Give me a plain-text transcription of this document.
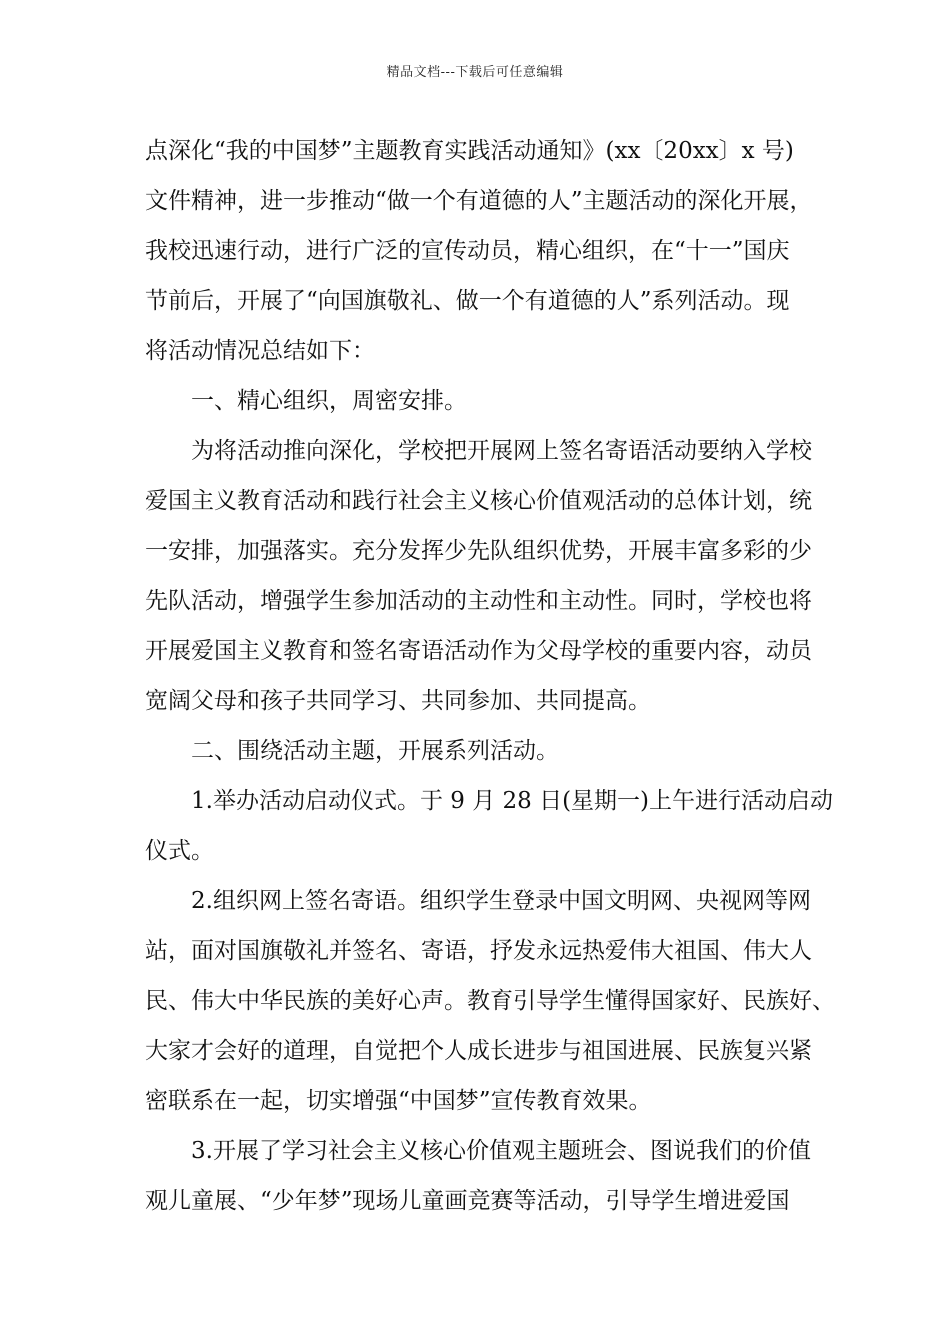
精品文档---下载后可任意编辑
点深化“我的中国梦”主题教育实践活动通知》(xx〔20xx〕x 号)
文件精神，进一步推动“做一个有道德的人”主题活动的深化开展，
我校迅速行动，进行广泛的宣传动员，精心组织，在“十一”国庆
节前后，开展了“向国旗敬礼、做一个有道德的人”系列活动。现
将活动情况总结如下：
一、精心组织，周密安排。
为将活动推向深化，学校把开展网上签名寄语活动要纳入学校
爱国主义教育活动和践行社会主义核心价值观活动的总体计划，统
一安排，加强落实。充分发挥少先队组织优势，开展丰富多彩的少
先队活动，增强学生参加活动的主动性和主动性。同时，学校也将
开展爱国主义教育和签名寄语活动作为父母学校的重要内容，动员
宽阔父母和孩子共同学习、共同参加、共同提高。
二、围绕活动主题，开展系列活动。
1.举办活动启动仪式。于 9 月 28 日(星期一)上午进行活动启动
仪式。
2.组织网上签名寄语。组织学生登录中国文明网、央视网等网
站，面对国旗敬礼并签名、寄语，抒发永远热爱伟大祖国、伟大人
民、伟大中华民族的美好心声。教育引导学生懂得国家好、民族好、
大家才会好的道理，自觉把个人成长进步与祖国进展、民族复兴紧
密联系在一起，切实增强“中国梦”宣传教育效果。
3.开展了学习社会主义核心价值观主题班会、图说我们的价值
观儿童展、“少年梦”现场儿童画竞赛等活动，引导学生增进爱国
